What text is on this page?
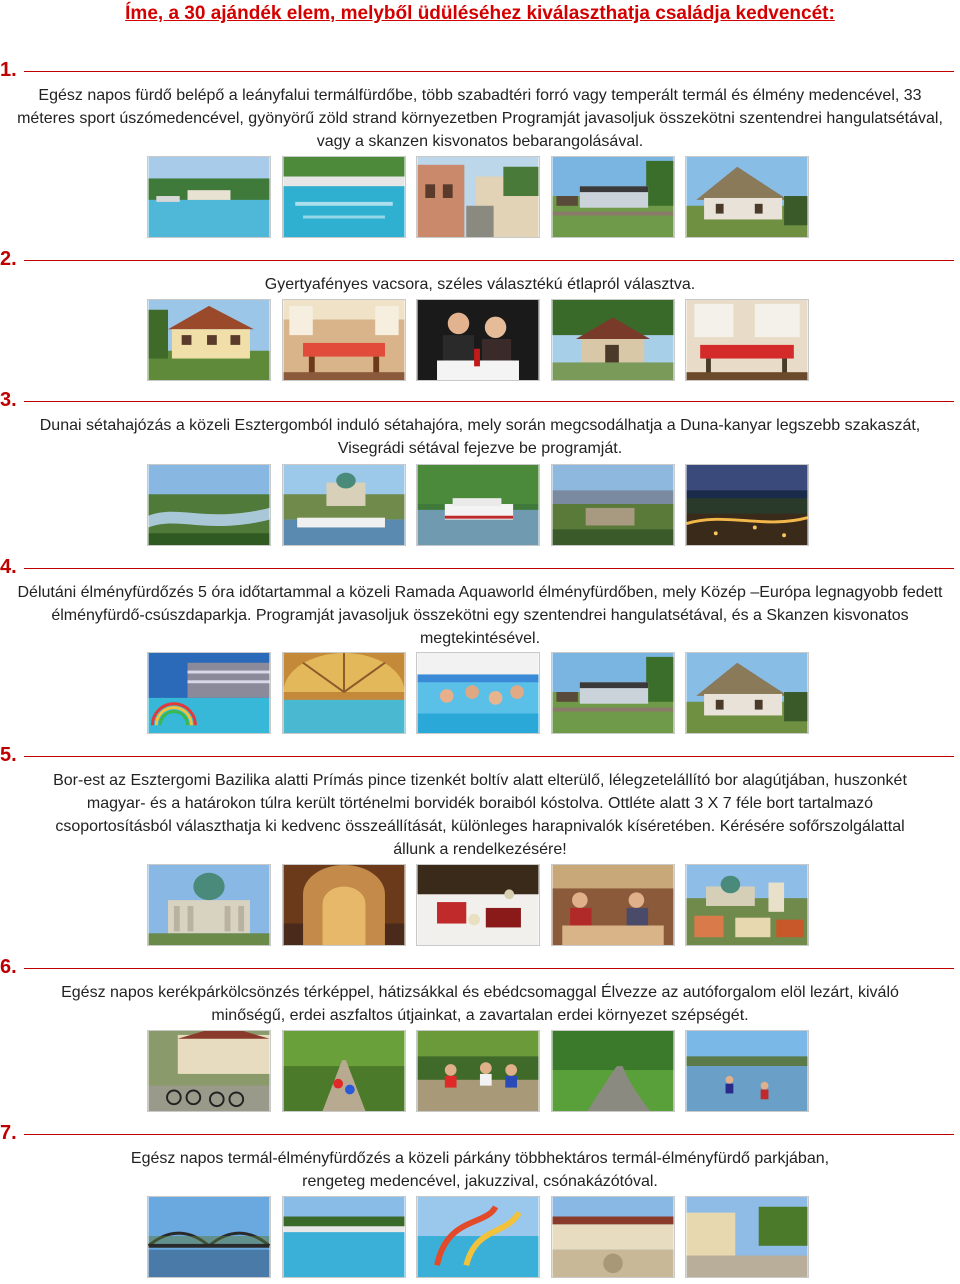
Íme, a 30 ajándék elem, melyből üdüléséhez kiválaszthatja családja kedvencét:
1.
Egész napos fürdő belépő a leányfalui termálfürdőbe, több szabadtéri forró vagy temperált termál és élmény medencével, 33 méteres sport úszómedencével, gyönyörű zöld strand környezetben Programját javasoljuk összekötni szentendrei hangulatsétával, vagy a skanzen kisvonatos bebarangolásával.
2.
Gyertyafényes vacsora, széles választékú étlapról választva.
3.
Dunai sétahajózás a közeli Esztergomból induló sétahajóra, mely során megcsodálhatja a Duna-kanyar legszebb szakaszát, Visegrádi sétával fejezve be programját.
4.
Délutáni élményfürdőzés 5 óra időtartammal a közeli Ramada Aquaworld élményfürdőben, mely Közép –Európa legnagyobb fedett élményfürdő-csúszdaparkja. Programját javasoljuk összekötni egy szentendrei hangulatsétával, és a Skanzen kisvonatos megtekintésével.
5.
Bor-est az Esztergomi Bazilika alatti Prímás pince tizenkét boltív alatt elterülő, lélegzetelállító bor alagútjában, huszonkét magyar- és a határokon túlra került történelmi borvidék boraiból kóstolva. Ottléte alatt 3 X 7 féle bort tartalmazó csoportosításból választhatja ki kedvenc összeállítását, különleges harapnivalók kíséretében. Kérésére sofőrszolgálattal állunk a rendelkezésére!
6.
Egész napos kerékpárkölcsönzés térképpel, hátizsákkal és ebédcsomaggal Élvezze az autóforgalom elöl lezárt, kiváló minőségű, erdei aszfaltos útjainkat, a zavartalan erdei környezet szépségét.
7.
Egész napos termál-élményfürdőzés a közeli párkány többhektáros termál-élményfürdő parkjában, rengeteg medencével, jakuzzival, csónakázótóval.
